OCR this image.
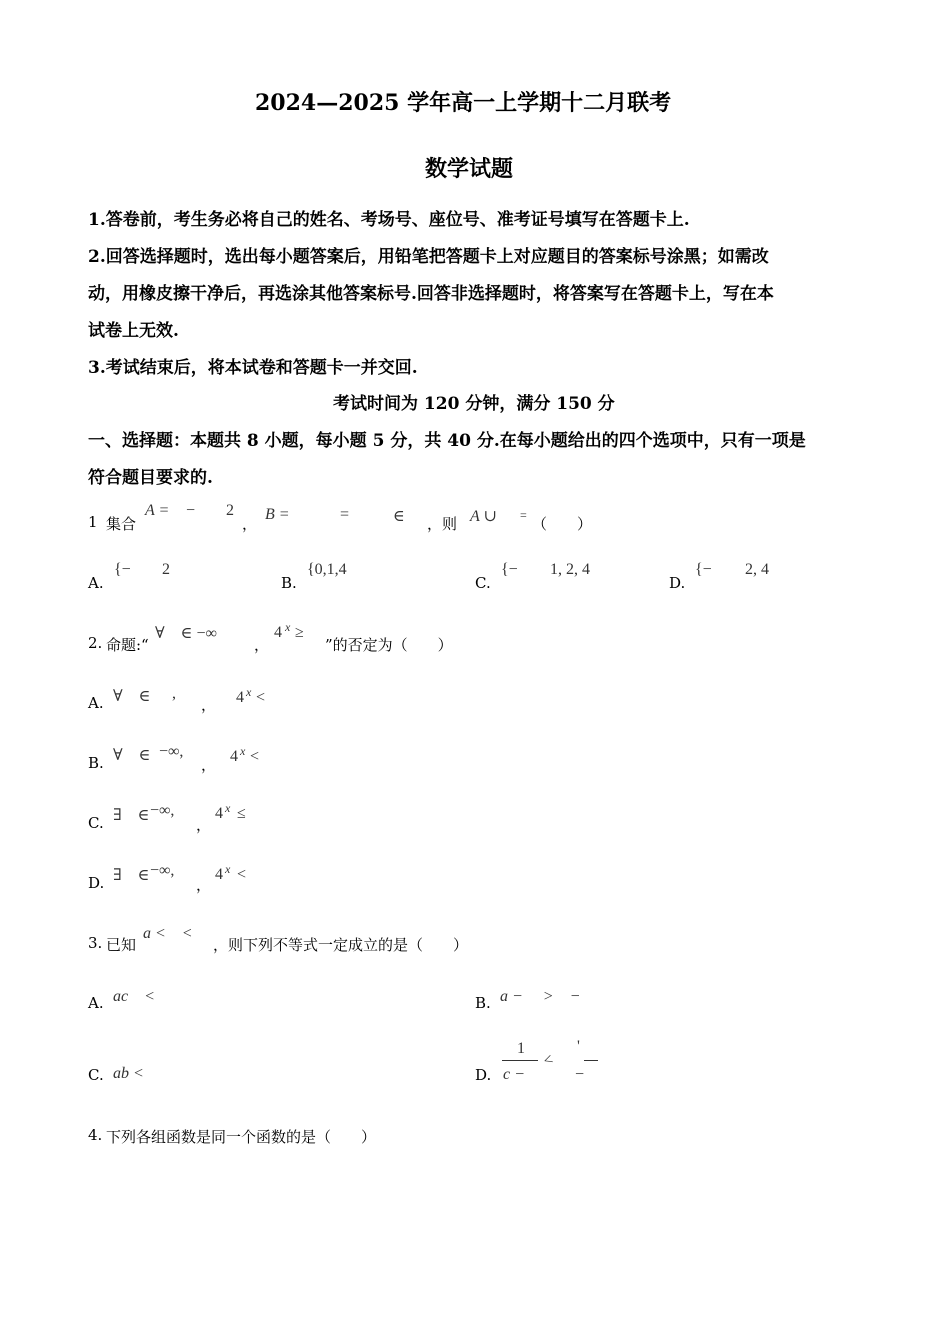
2024—2025 学年高一上学期十二月联考
数学试题
1.答卷前，考生务必将自己的姓名、考场号、座位号、准考证号填写在答题卡上.
2.回答选择题时，选出每小题答案后，用铅笔把答题卡上对应题目的答案标号涂黑；如需改
动，用橡皮擦干净后，再选涂其他答案标号.回答非选择题时，将答案写在答题卡上，写在本
试卷上无效.
3.考试结束后，将本试卷和答题卡一并交回.
考试时间为 120 分钟，满分 150 分
一、选择题：本题共 8 小题，每小题 5 分，共 40 分.在每小题给出的四个选项中，只有一项是
符合题目要求的.
1 集合
A = − 2
，
B =	=	∈ ，则 A ∪ = （　　）
A.
{− 2
B.
{0,1,4
C.
{− 1, 2, 4
D.
{− 2, 4
2. 命题:“
∀　∈ −∞
，
4 x ≥
”的否定为（　　）
A. ∀　∈ ,
， 4 x <
B. ∀　∈ −∞,
， 4 x <
C. ∃　∈ −∞,
，
4 x ≤
D. ∃　∈ −∞,
，
4 x <
3. 已知
a <　<
，则下列不等式一定成立的是（　　）
A. ac　<	B. a −　 >　−
C. ab <	D.
1
c −
<
'
−
4. 下列各组函数是同一个函数的是（　　）
